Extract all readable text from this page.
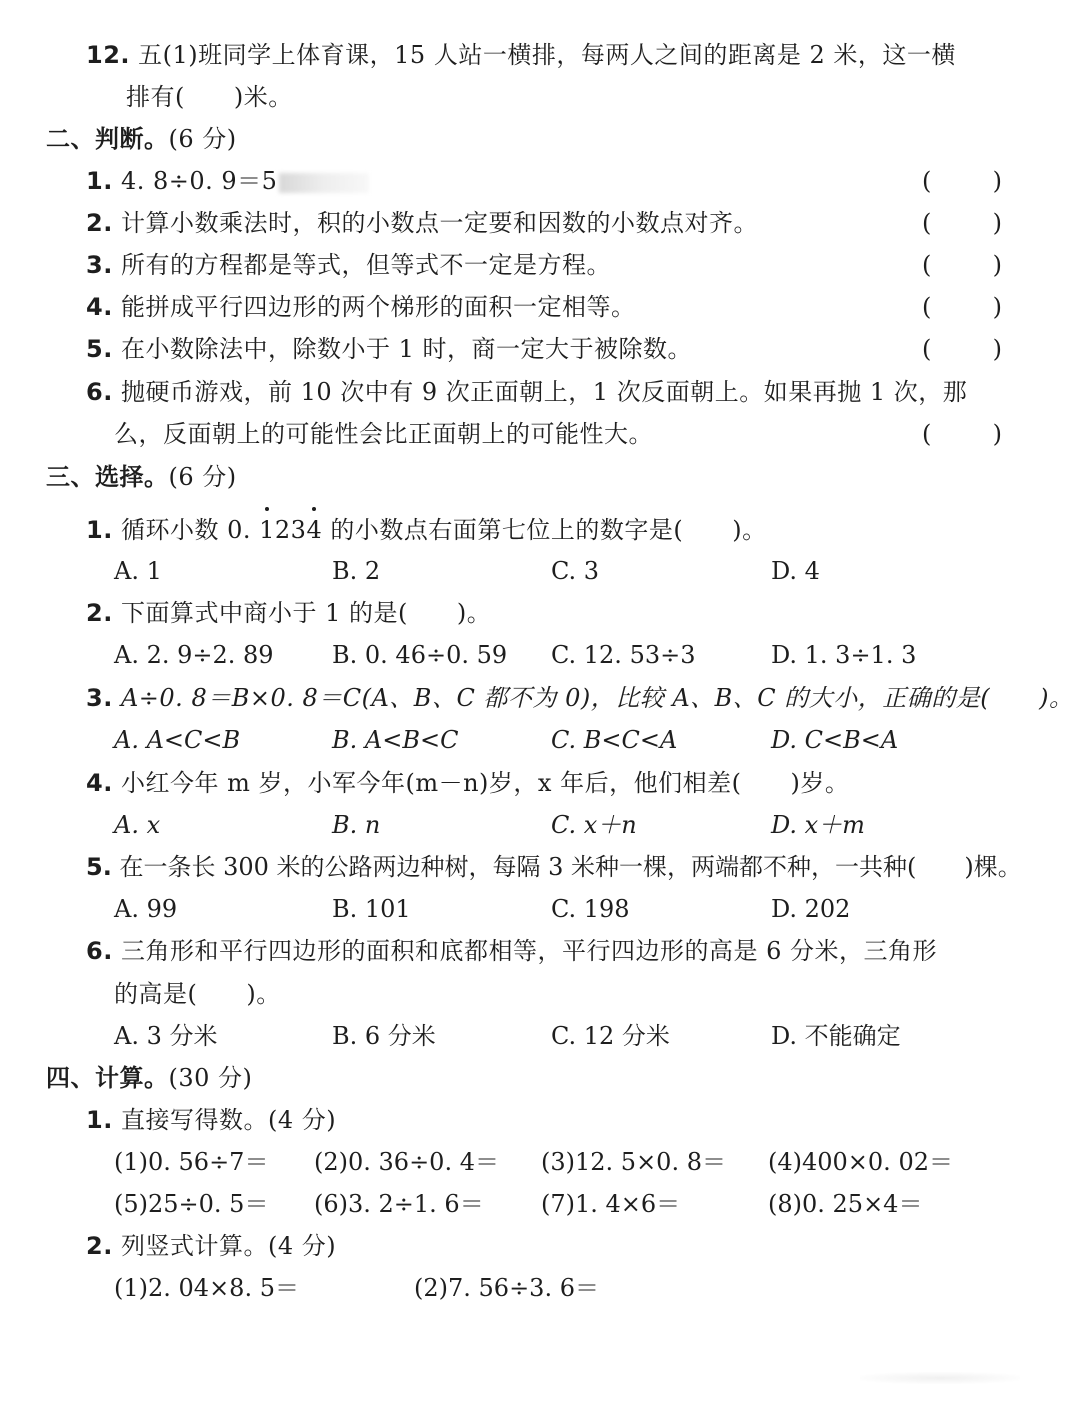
12. 五(1)班同学上体育课，15 人站一横排，每两人之间的距离是 2 米，这一横
排有(　　)米。
二、判断。(6 分)
1. 4. 8÷0. 9＝5	(	)
2. 计算小数乘法时，积的小数点一定要和因数的小数点对齐。	(	)
3. 所有的方程都是等式，但等式不一定是方程。	(	)
4. 能拼成平行四边形的两个梯形的面积一定相等。	(	)
5. 在小数除法中，除数小于 1 时，商一定大于被除数。	(	)
6. 抛硬币游戏，前 10 次中有 9 次正面朝上，1 次反面朝上。如果再抛 1 次，那
么，反面朝上的可能性会比正面朝上的可能性大。	(	)
三、选择。(6 分)
1. 循环小数 0. 1234 的小数点右面第七位上的数字是(　　)。
A. 1	B. 2	C. 3	D. 4
2. 下面算式中商小于 1 的是(　　)。
A. 2. 9÷2. 89 B. 0. 46÷0. 59 C. 12. 53÷3	D. 1. 3÷1. 3
3. A÷0. 8＝B×0. 8＝C(A、B、C 都不为 0)，比较 A、B、C 的大小，正确的是(　　)。
A. A<C<B	B. A<B<C	C. B<C<A	D. C<B<A
4. 小红今年 m 岁，小军今年(m－n)岁，x 年后，他们相差(　　)岁。
A. x	B. n	C. x＋n	D. x＋m
5. 在一条长 300 米的公路两边种树，每隔 3 米种一棵，两端都不种，一共种(　　)棵。
A. 99	B. 101	C. 198	D. 202
6. 三角形和平行四边形的面积和底都相等，平行四边形的高是 6 分米，三角形
的高是(　　)。
A. 3 分米	B. 6 分米	C. 12 分米	D. 不能确定
四、计算。(30 分)
1. 直接写得数。(4 分)
(1)0. 56÷7＝ (2)0. 36÷0. 4＝ (3)12. 5×0. 8＝ (4)400×0. 02＝
(5)25÷0. 5＝ (6)3. 2÷1. 6＝ (7)1. 4×6＝	(8)0. 25×4＝
2. 列竖式计算。(4 分)
(1)2. 04×8. 5＝	(2)7. 56÷3. 6＝
